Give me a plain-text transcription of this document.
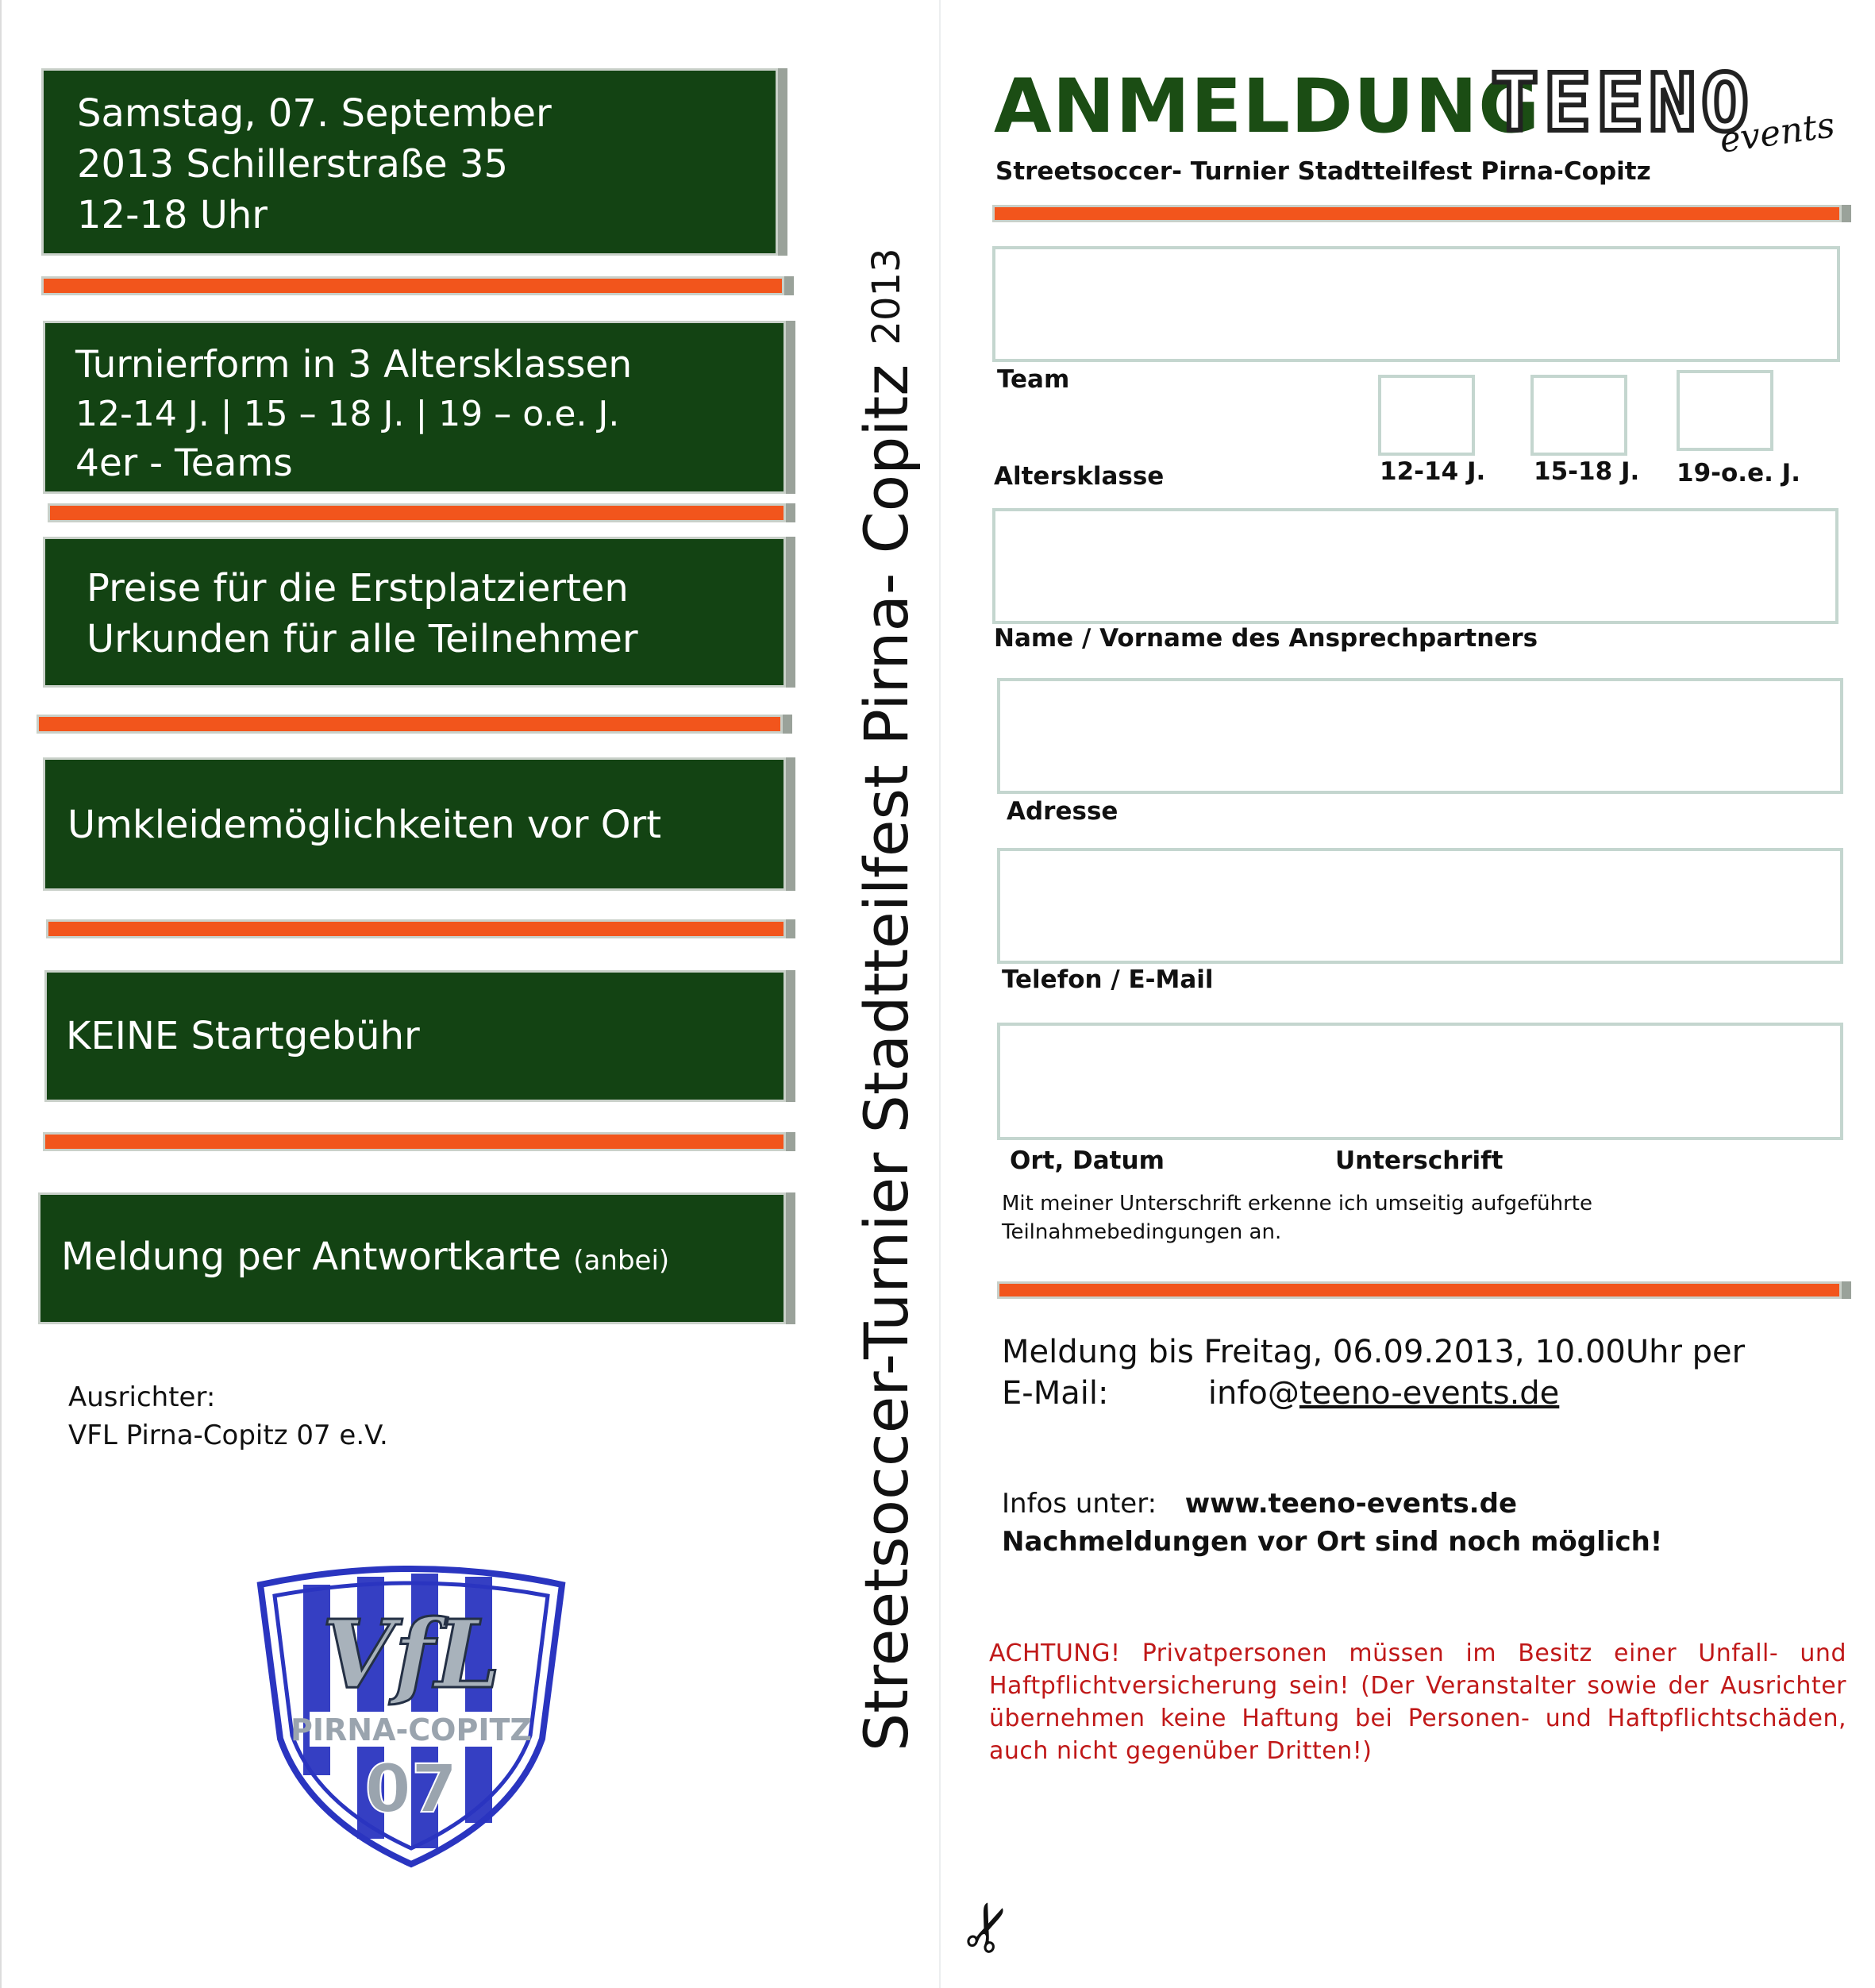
Samstag, 07. September
2013 Schillerstraße 35
12-18 Uhr
Turnierform in 3 Altersklassen
12-14 J. | 15 – 18 J. | 19 – o.e. J.
4er - Teams
Preise für die Erstplatzierten
Urkunden für alle Teilnehmer
Umkleidemöglichkeiten vor Ort
KEINE Startgebühr
Meldung per Antwortkarte (anbei)
Ausrichter:
VFL Pirna-Copitz 07 e.V.
VfL
PIRNA-COPITZ
07
Streetsoccer-Turnier Stadtteilfest Pirna- Copitz $^{2013}$
ANMELDUNG
TEENO
events
Streetsoccer- Turnier Stadtteilfest Pirna-Copitz
Team
Altersklasse	12-14 J. 15-18 J. 19-o.e. J.
Name / Vorname des Ansprechpartners
Adresse
Telefon / E-Mail
Ort, Datum	Unterschrift
Mit meiner Unterschrift erkenne ich umseitig aufgeführte Teilnahmebedingungen an.
Meldung bis Freitag, 06.09.2013, 10.00Uhr per
E-Mail:	info@teeno-events.de
Infos unter: www.teeno-events.de
Nachmeldungen vor Ort sind noch möglich!
ACHTUNG! Privatpersonen müssen im Besitz einer Unfall- und Haftpflichtversicherung sein! (Der Veranstalter sowie der Ausrichter übernehmen keine Haftung bei Personen- und Haftpflichtschäden, auch nicht gegenüber Dritten!)
✂
